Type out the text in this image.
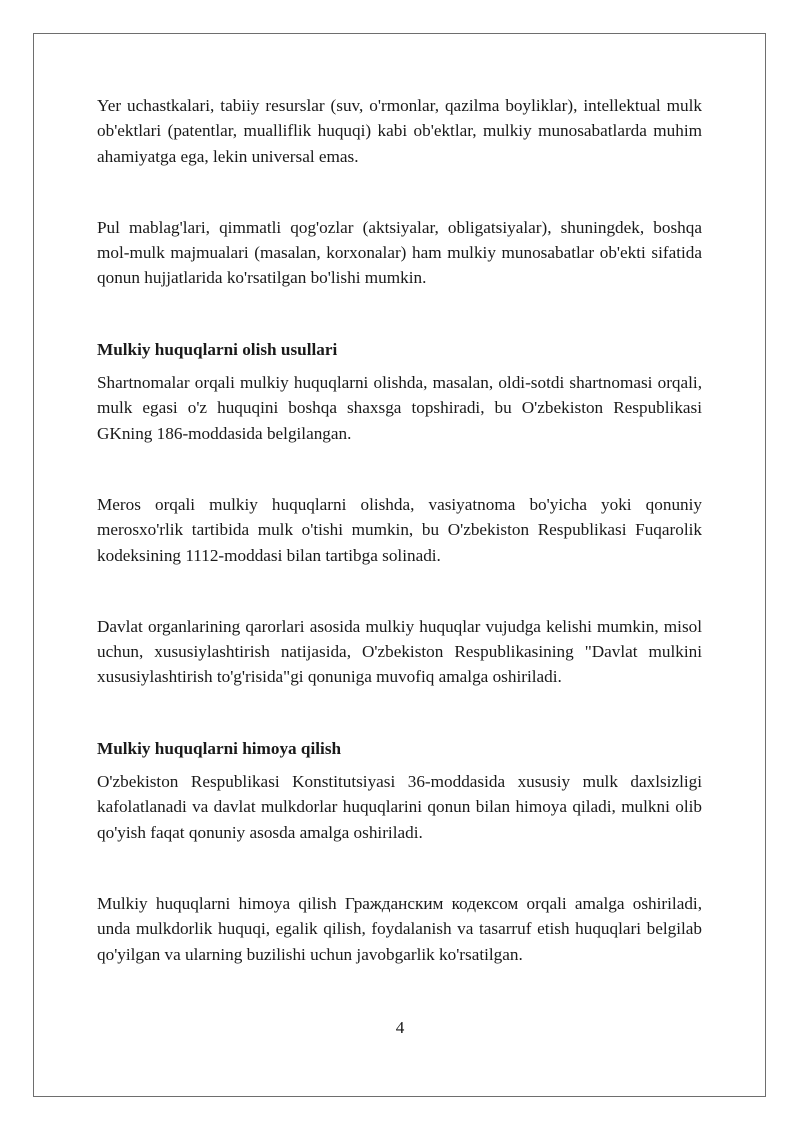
Yer uchastkalari, tabiiy resurslar (suv, o'rmonlar, qazilma boyliklar), intellektual mulk ob'ektlari (patentlar, mualliflik huquqi) kabi ob'ektlar, mulkiy munosabatlarda muhim ahamiyatga ega, lekin universal emas.

Pul mablag'lari, qimmatli qog'ozlar (aktsiyalar, obligatsiyalar), shuningdek, boshqa mol-mulk majmualari (masalan, korxonalar) ham mulkiy munosabatlar ob'ekti sifatida qonun hujjatlarida ko'rsatilgan bo'lishi mumkin.

Mulkiy huquqlarni olish usullari

Shartnomalar orqali mulkiy huquqlarni olishda, masalan, oldi-sotdi shartnomasi orqali, mulk egasi o'z huquqini boshqa shaxsga topshiradi, bu O'zbekiston Respublikasi GKning 186-moddasida belgilangan.

Meros orqali mulkiy huquqlarni olishda, vasiyatnoma bo'yicha yoki qonuniy merosxo'rlik tartibida mulk o'tishi mumkin, bu O'zbekiston Respublikasi Fuqarolik kodeksining 1112-moddasi bilan tartibga solinadi.

Davlat organlarining qarorlari asosida mulkiy huquqlar vujudga kelishi mumkin, misol uchun, xususiylashtirish natijasida, O'zbekiston Respublikasining "Davlat mulkini xususiylashtirish to'g'risida"gi qonuniga muvofiq amalga oshiriladi.

Mulkiy huquqlarni himoya qilish

O'zbekiston Respublikasi Konstitutsiyasi 36-moddasida xususiy mulk daxlsizligi kafolatlanadi va davlat mulkdorlar huquqlarini qonun bilan himoya qiladi, mulkni olib qo'yish faqat qonuniy asosda amalga oshiriladi.

Mulkiy huquqlarni himoya qilish Гражданским кодексом orqali amalga oshiriladi, unda mulkdorlik huquqi, egalik qilish, foydalanish va tasarruf etish huquqlari belgilab qo'yilgan va ularning buzilishi uchun javobgarlik ko'rsatilgan.

4
